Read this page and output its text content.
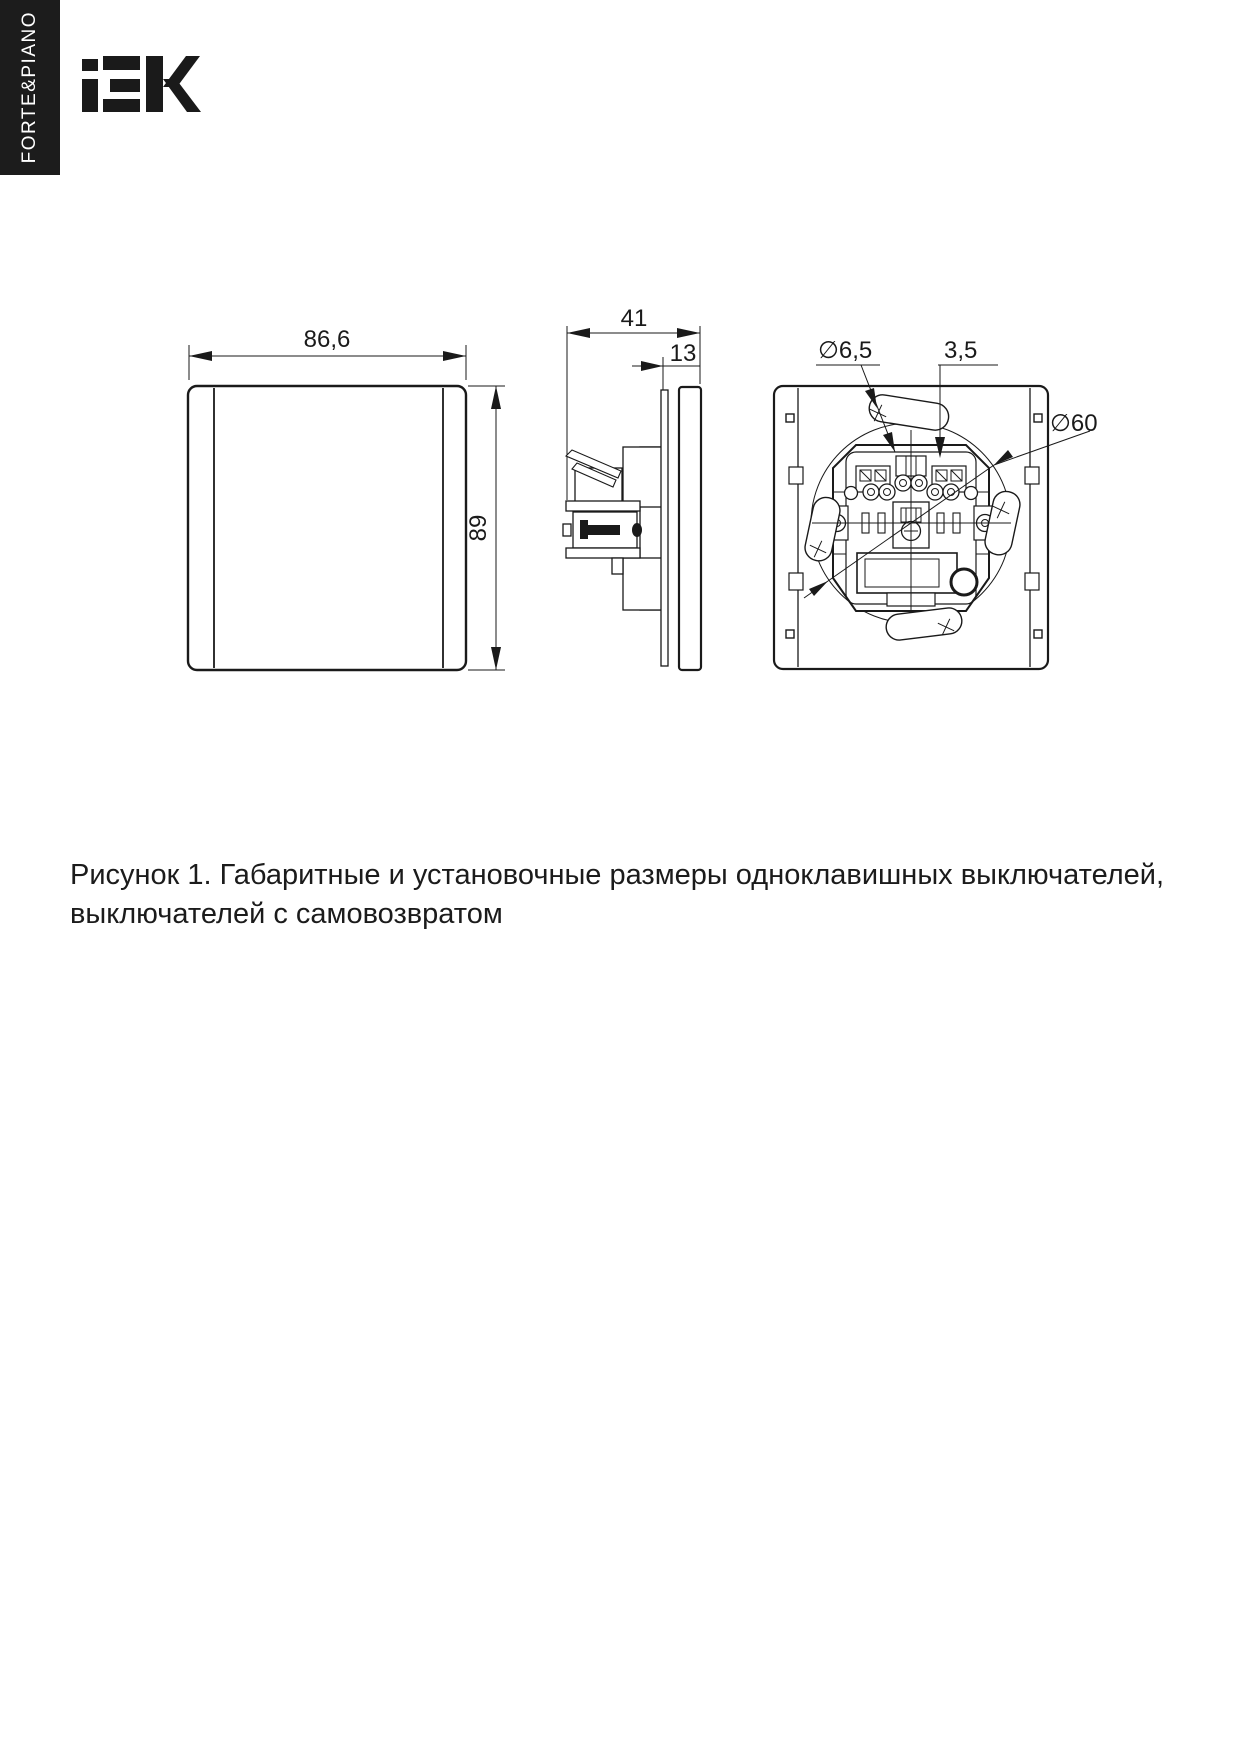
FORTE&PIANO
86,6
89
41
13	∅6,5	3,5
∅60

Рисунок 1. Габаритные и установочные размеры одноклавишных выключателей,
выключателей с самовозвратом
